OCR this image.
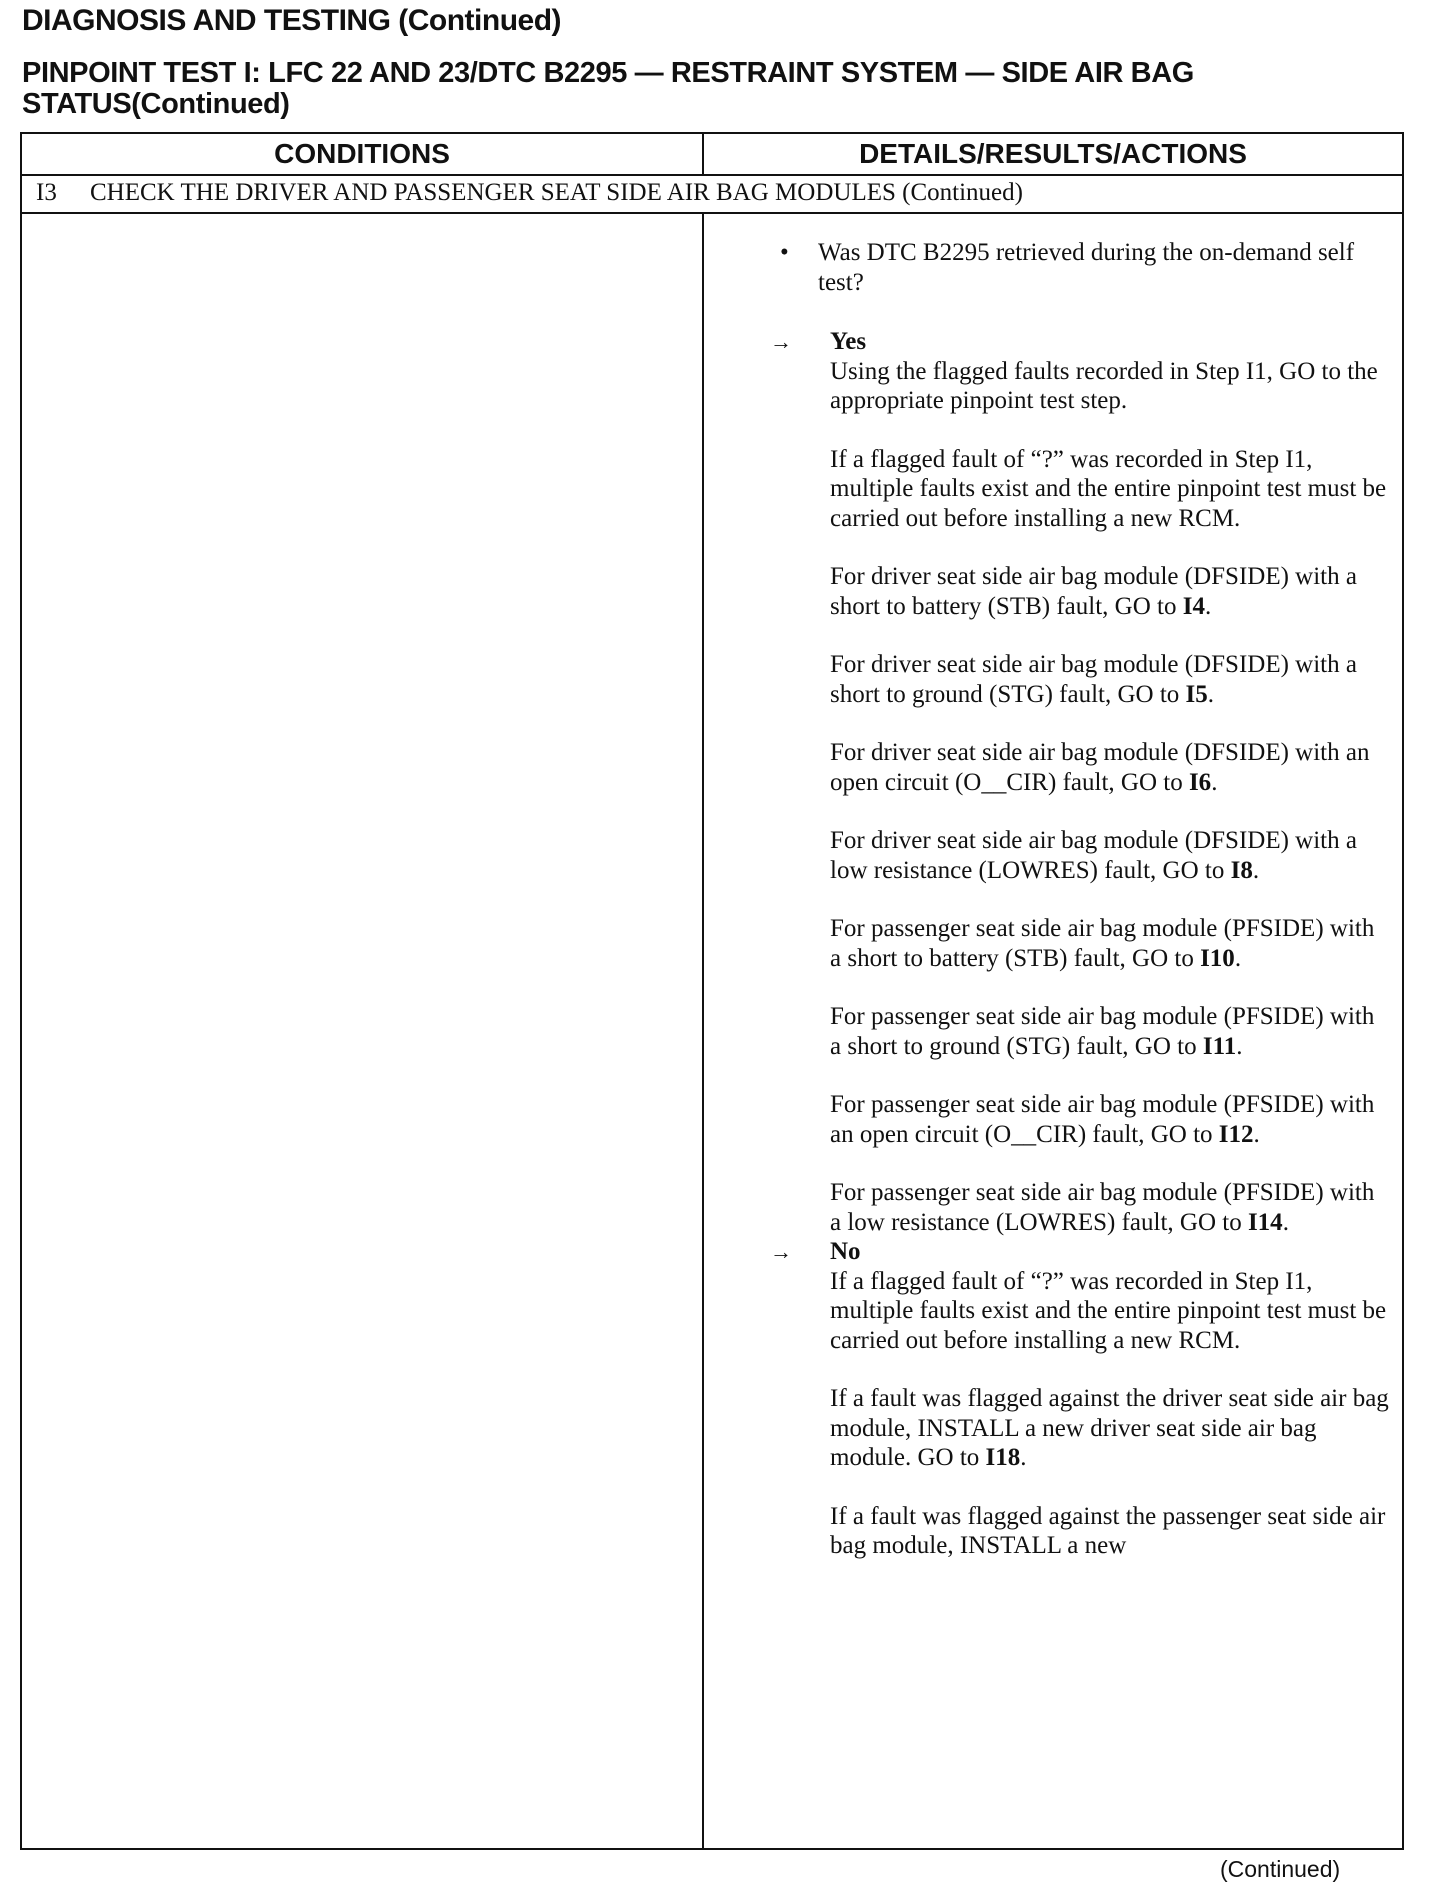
DIAGNOSIS AND TESTING (Continued)
PINPOINT TEST I: LFC 22 AND 23/DTC B2295 — RESTRAINT SYSTEM — SIDE AIR BAG STATUS(Continued)
CONDITIONS	DETAILS/RESULTS/ACTIONS
I3 CHECK THE DRIVER AND PASSENGER SEAT SIDE AIR BAG MODULES (Continued)
• Was DTC B2295 retrieved during the on-demand self test?
→ Yes

Using the flagged faults recorded in Step I1, GO to the appropriate pinpoint test step.

If a flagged fault of “?” was recorded in Step I1, multiple faults exist and the entire pinpoint test must be carried out before installing a new RCM.

For driver seat side air bag module (DFSIDE) with a short to battery (STB) fault, GO to I4.

For driver seat side air bag module (DFSIDE) with a short to ground (STG) fault, GO to I5.

For driver seat side air bag module (DFSIDE) with an open circuit (O__CIR) fault, GO to I6.

For driver seat side air bag module (DFSIDE) with a low resistance (LOWRES) fault, GO to I8.

For passenger seat side air bag module (PFSIDE) with a short to battery (STB) fault, GO to I10.

For passenger seat side air bag module (PFSIDE) with a short to ground (STG) fault, GO to I11.

For passenger seat side air bag module (PFSIDE) with an open circuit (O__CIR) fault, GO to I12.

For passenger seat side air bag module (PFSIDE) with a low resistance (LOWRES) fault, GO to I14.

→ No

If a flagged fault of “?” was recorded in Step I1, multiple faults exist and the entire pinpoint test must be carried out before installing a new RCM.

If a fault was flagged against the driver seat side air bag module, INSTALL a new driver seat side air bag module. GO to I18.

If a fault was flagged against the passenger seat side air bag module, INSTALL a new

(Continued)
